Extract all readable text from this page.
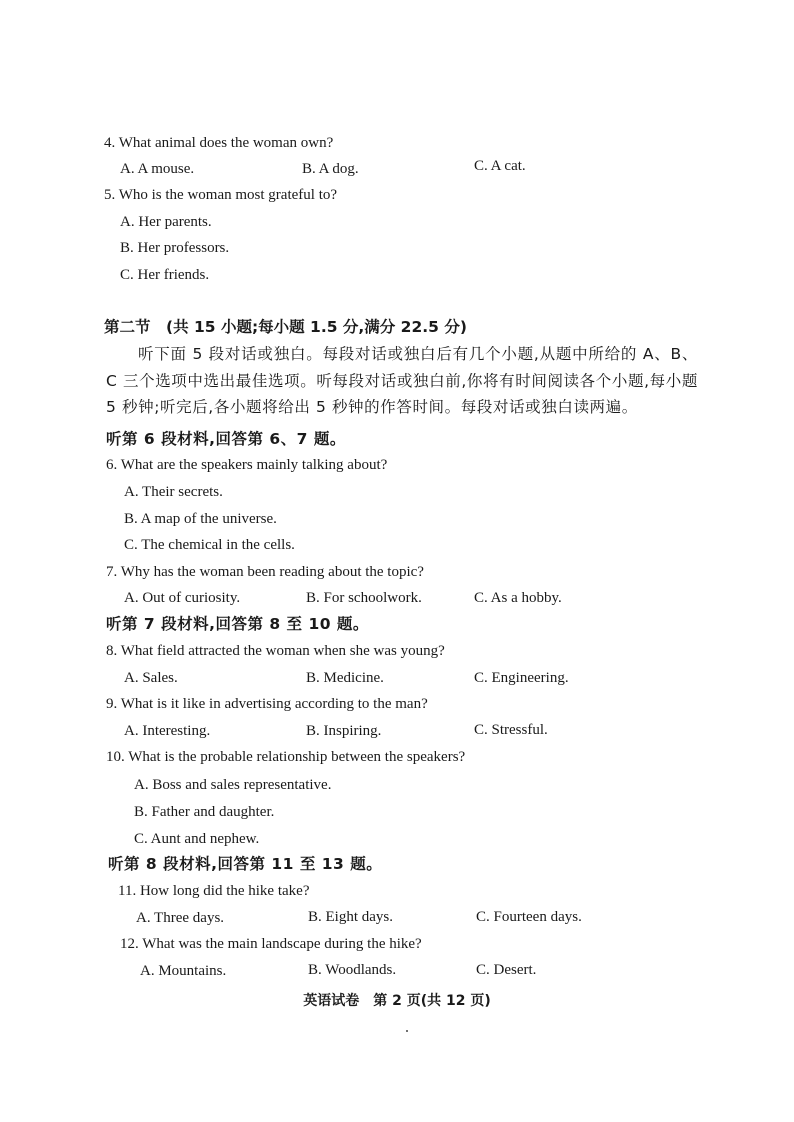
4. What animal does the woman own?
A. A mouse.	B. A dog.	C. A cat.
5. Who is the woman most grateful to?
A. Her parents.
B. Her professors.
C. Her friends.
第二节　(共 15 小题;每小题 1.5 分,满分 22.5 分)
听下面 5 段对话或独白。每段对话或独白后有几个小题,从题中所给的 A、B、C 三个选项中选出最佳选项。听每段对话或独白前,你将有时间阅读各个小题,每小题 5 秒钟;听完后,各小题将给出 5 秒钟的作答时间。每段对话或独白读两遍。
听第 6 段材料,回答第 6、7 题。
6. What are the speakers mainly talking about?
A. Their secrets.
B. A map of the universe.
C. The chemical in the cells.
7. Why has the woman been reading about the topic?
A. Out of curiosity.	B. For schoolwork.	C. As a hobby.
听第 7 段材料,回答第 8 至 10 题。
8. What field attracted the woman when she was young?
A. Sales.	B. Medicine.	C. Engineering.
9. What is it like in advertising according to the man?
A. Interesting.	B. Inspiring.	C. Stressful.
10. What is the probable relationship between the speakers?
A. Boss and sales representative.
B. Father and daughter.
C. Aunt and nephew.
听第 8 段材料,回答第 11 至 13 题。
11. How long did the hike take?
A. Three days.	B. Eight days.	C. Fourteen days.
12. What was the main landscape during the hike?
A. Mountains.	B. Woodlands.	C. Desert.
英语试卷　第 2 页(共 12 页)
